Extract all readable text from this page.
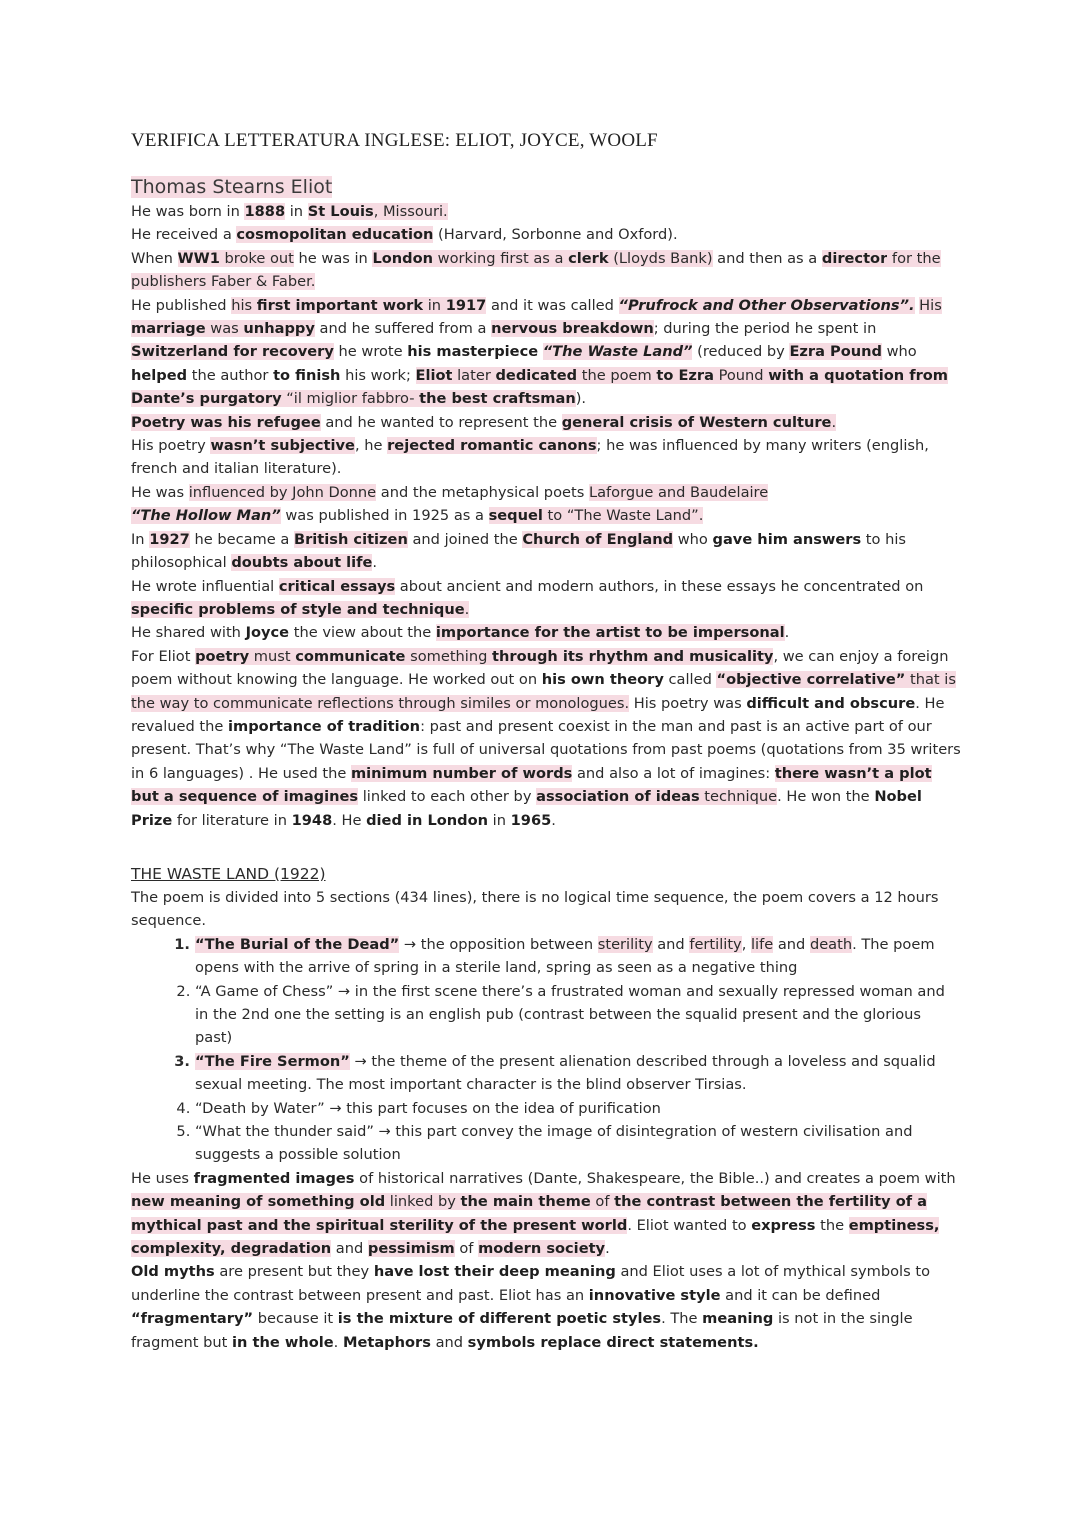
VERIFICA LETTERATURA INGLESE: ELIOT, JOYCE, WOOLF
Thomas Stearns Eliot

He was born in 1888 in St Louis, Missouri.

He received a cosmopolitan education (Harvard, Sorbonne and Oxford).

When WW1 broke out he was in London working first as a clerk (Lloyds Bank) and then as a director for the publishers Faber & Faber.

He published his first important work in 1917 and it was called “Prufrock and Other Observations”. His marriage was unhappy and he suffered from a nervous breakdown; during the period he spent in Switzerland for recovery he wrote his masterpiece “The Waste Land” (reduced by Ezra Pound who helped the author to finish his work; Eliot later dedicated the poem to Ezra Pound with a quotation from Dante’s purgatory “il miglior fabbro- the best craftsman).

Poetry was his refugee and he wanted to represent the general crisis of Western culture.

His poetry wasn’t subjective, he rejected romantic canons; he was influenced by many writers (english, french and italian literature).

He was influenced by John Donne and the metaphysical poets Laforgue and Baudelaire

“The Hollow Man” was published in 1925 as a sequel to “The Waste Land”.

In 1927 he became a British citizen and joined the Church of England who gave him answers to his philosophical doubts about life.

He wrote influential critical essays about ancient and modern authors, in these essays he concentrated on specific problems of style and technique.

He shared with Joyce the view about the importance for the artist to be impersonal.

For Eliot poetry must communicate something through its rhythm and musicality, we can enjoy a foreign poem without knowing the language. He worked out on his own theory called “objective correlative” that is the way to communicate reflections through similes or monologues. His poetry was difficult and obscure. He revalued the importance of tradition: past and present coexist in the man and past is an active part of our present. That’s why “The Waste Land” is full of universal quotations from past poems (quotations from 35 writers in 6 languages) . He used the minimum number of words and also a lot of imagines: there wasn’t a plot but a sequence of imagines linked to each other by association of ideas technique. He won the Nobel Prize for literature in 1948. He died in London in 1965.

THE WASTE LAND (1922)

The poem is divided into 5 sections (434 lines), there is no logical time sequence, the poem covers a 12 hours sequence.

1. “The Burial of the Dead” → the opposition between sterility and fertility, life and death. The poem opens with the arrive of spring in a sterile land, spring as seen as a negative thing
2. “A Game of Chess” → in the first scene there’s a frustrated woman and sexually repressed woman and in the 2nd one the setting is an english pub (contrast between the squalid present and the glorious past)
3. “The Fire Sermon” → the theme of the present alienation described through a loveless and squalid sexual meeting. The most important character is the blind observer Tirsias.
4. “Death by Water” → this part focuses on the idea of purification
5. “What the thunder said” → this part convey the image of disintegration of western civilisation and suggests a possible solution

He uses fragmented images of historical narratives (Dante, Shakespeare, the Bible..) and creates a poem with new meaning of something old linked by the main theme of the contrast between the fertility of a mythical past and the spiritual sterility of the present world. Eliot wanted to express the emptiness, complexity, degradation and pessimism of modern society.

Old myths are present but they have lost their deep meaning and Eliot uses a lot of mythical symbols to underline the contrast between present and past. Eliot has an innovative style and it can be defined “fragmentary” because it is the mixture of different poetic styles. The meaning is not in the single fragment but in the whole. Metaphors and symbols replace direct statements.
